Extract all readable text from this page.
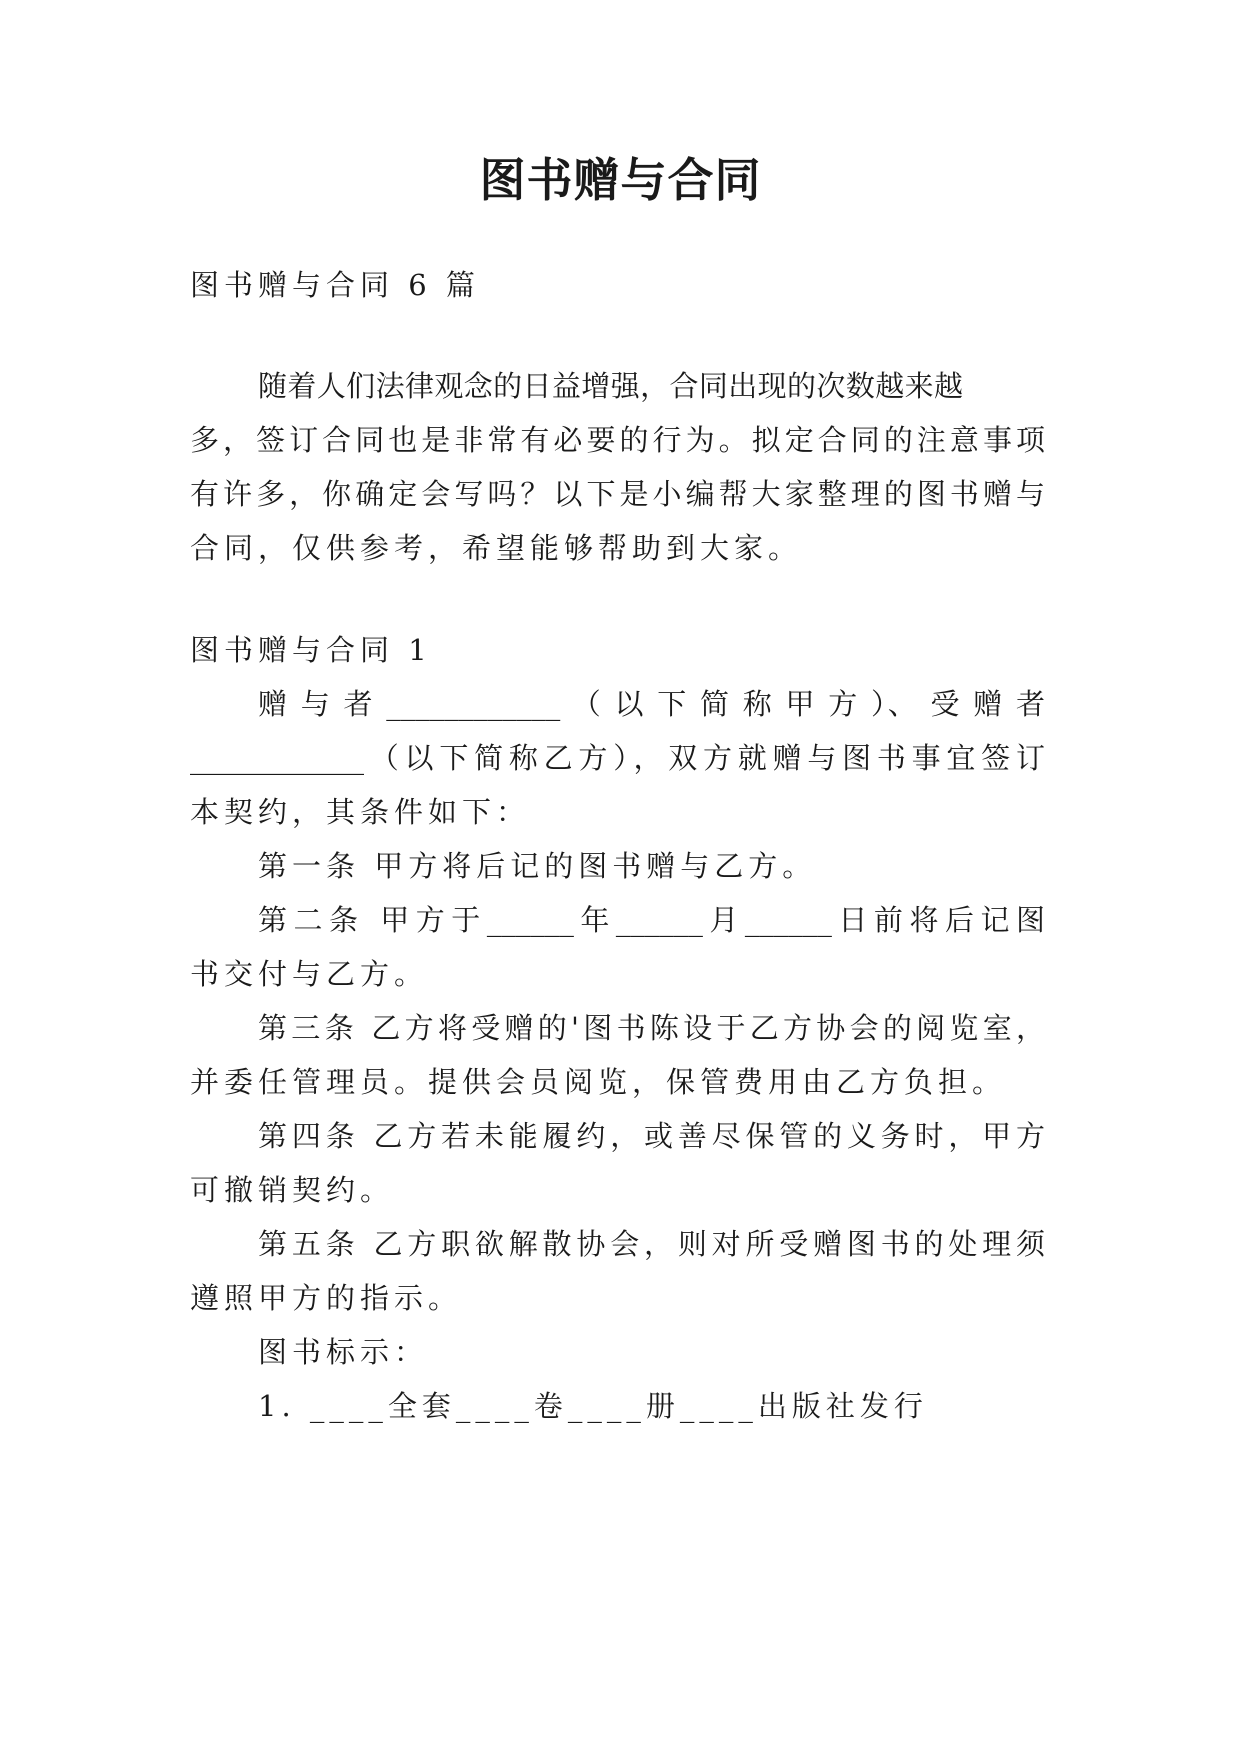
图书赠与合同
图书赠与合同 6 篇
随着人们法律观念的日益增强，合同出现的次数越来越
多，签订合同也是非常有必要的行为。拟定合同的注意事项
有许多，你确定会写吗？以下是小编帮大家整理的图书赠与
合同，仅供参考，希望能够帮助到大家。
图书赠与合同 1
赠 与 者 ____________ （ 以 下 简 称 甲 方 ）、 受 赠 者
____________（以下简称乙方），双方就赠与图书事宜签订
本契约，其条件如下：
第一条 甲方将后记的图书赠与乙方。
第二条 甲方于______年______月______日前将后记图
书交付与乙方。
第三条 乙方将受赠的'图书陈设于乙方协会的阅览室，
并委任管理员。提供会员阅览，保管费用由乙方负担。
第四条 乙方若未能履约，或善尽保管的义务时，甲方
可撤销契约。
第五条 乙方职欲解散协会，则对所受赠图书的处理须
遵照甲方的指示。
图书标示：
1. ____全套____卷____册____出版社发行
